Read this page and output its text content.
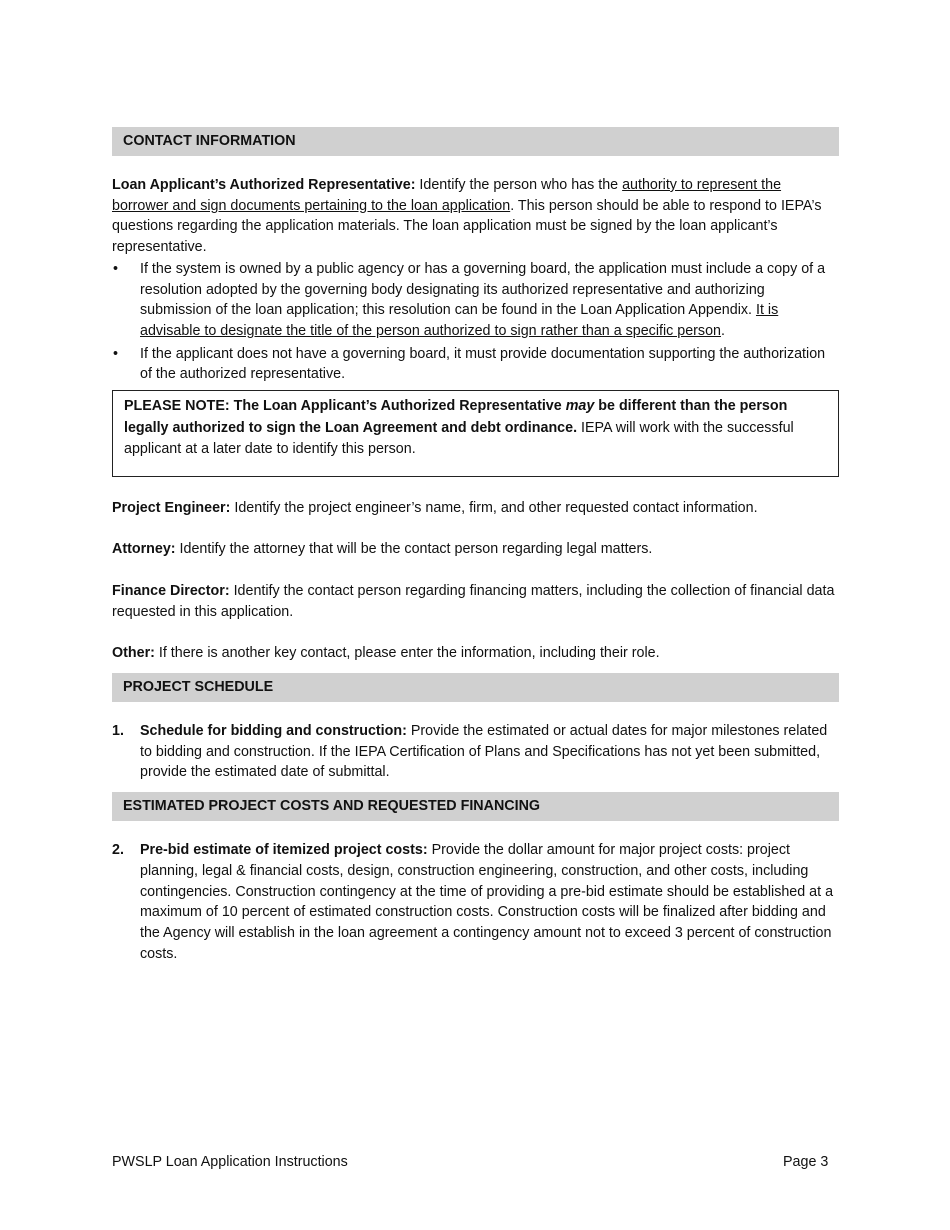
CONTACT INFORMATION

Loan Applicant’s Authorized Representative: Identify the person who has the authority to represent the borrower and sign documents pertaining to the loan application. This person should be able to respond to IEPA’s questions regarding the application materials. The loan application must be signed by the loan applicant’s representative.

• If the system is owned by a public agency or has a governing board, the application must include a copy of a resolution adopted by the governing body designating its authorized representative and authorizing submission of the loan application; this resolution can be found in the Loan Application Appendix. It is advisable to designate the title of the person authorized to sign rather than a specific person.
• If the applicant does not have a governing board, it must provide documentation supporting the authorization of the authorized representative.
PLEASE NOTE: The Loan Applicant’s Authorized Representative may be different than the person legally authorized to sign the Loan Agreement and debt ordinance. IEPA will work with the successful applicant at a later date to identify this person.

Project Engineer: Identify the project engineer’s name, firm, and other requested contact information.

Attorney: Identify the attorney that will be the contact person regarding legal matters.

Finance Director: Identify the contact person regarding financing matters, including the collection of financial data requested in this application.

Other: If there is another key contact, please enter the information, including their role.

PROJECT SCHEDULE
1. Schedule for bidding and construction: Provide the estimated or actual dates for major milestones related to bidding and construction. If the IEPA Certification of Plans and Specifications has not yet been submitted, provide the estimated date of submittal.
ESTIMATED PROJECT COSTS AND REQUESTED FINANCING
2. Pre-bid estimate of itemized project costs: Provide the dollar amount for major project costs: project planning, legal & financial costs, design, construction engineering, construction, and other costs, including contingencies. Construction contingency at the time of providing a pre-bid estimate should be established at a maximum of 10 percent of estimated construction costs. Construction costs will be finalized after bidding and the Agency will establish in the loan agreement a contingency amount not to exceed 3 percent of construction costs.
PWSLP Loan Application Instructions	Page 3
